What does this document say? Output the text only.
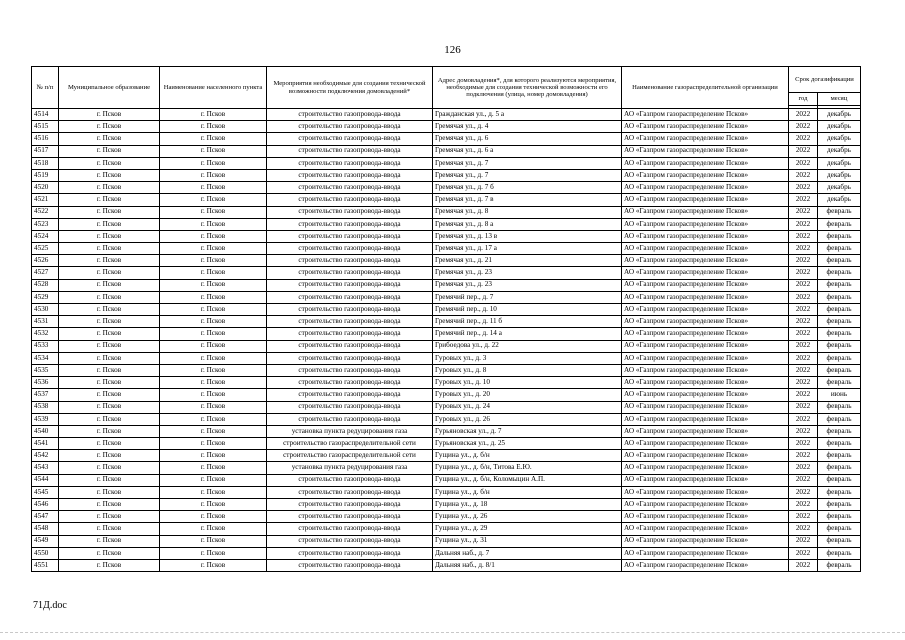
126
№ п/п	Муниципальное образование	Наименование населенного пункта	Мероприятия необходимые для создания технической возможности подключения домовладений*	Адрес домовладения*, для которого реализуются мероприятия, необходимые для создания технической возможности его подключения (улица, номер домовладения)	Наименование газораспределительной организации	Срок догазификации	
						год	месяц

4514	г. Псков	г. Псков	строительство газопровода-ввода	Гражданская ул., д. 5 а	АО «Газпром газораспределение Псков»	2022	декабрь
4515	г. Псков	г. Псков	строительство газопровода-ввода	Гремячая ул., д. 4	АО «Газпром газораспределение Псков»	2022	декабрь
4516	г. Псков	г. Псков	строительство газопровода-ввода	Гремячая ул., д. 6	АО «Газпром газораспределение Псков»	2022	декабрь
4517	г. Псков	г. Псков	строительство газопровода-ввода	Гремячая ул., д. 6 а	АО «Газпром газораспределение Псков»	2022	декабрь
4518	г. Псков	г. Псков	строительство газопровода-ввода	Гремячая ул., д. 7	АО «Газпром газораспределение Псков»	2022	декабрь
4519	г. Псков	г. Псков	строительство газопровода-ввода	Гремячая ул., д. 7	АО «Газпром газораспределение Псков»	2022	декабрь
4520	г. Псков	г. Псков	строительство газопровода-ввода	Гремячая ул., д. 7 б	АО «Газпром газораспределение Псков»	2022	декабрь
4521	г. Псков	г. Псков	строительство газопровода-ввода	Гремячая ул., д. 7 в	АО «Газпром газораспределение Псков»	2022	декабрь
4522	г. Псков	г. Псков	строительство газопровода-ввода	Гремячая ул., д. 8	АО «Газпром газораспределение Псков»	2022	февраль
4523	г. Псков	г. Псков	строительство газопровода-ввода	Гремячая ул., д. 8 а	АО «Газпром газораспределение Псков»	2022	февраль
4524	г. Псков	г. Псков	строительство газопровода-ввода	Гремячая ул., д. 13 в	АО «Газпром газораспределение Псков»	2022	февраль
4525	г. Псков	г. Псков	строительство газопровода-ввода	Гремячая ул., д. 17 а	АО «Газпром газораспределение Псков»	2022	февраль
4526	г. Псков	г. Псков	строительство газопровода-ввода	Гремячая ул., д. 21	АО «Газпром газораспределение Псков»	2022	февраль
4527	г. Псков	г. Псков	строительство газопровода-ввода	Гремячая ул., д. 23	АО «Газпром газораспределение Псков»	2022	февраль
4528	г. Псков	г. Псков	строительство газопровода-ввода	Гремячая ул., д. 23	АО «Газпром газораспределение Псков»	2022	февраль
4529	г. Псков	г. Псков	строительство газопровода-ввода	Гремячий пер., д. 7	АО «Газпром газораспределение Псков»	2022	февраль
4530	г. Псков	г. Псков	строительство газопровода-ввода	Гремячий пер., д. 10	АО «Газпром газораспределение Псков»	2022	февраль
4531	г. Псков	г. Псков	строительство газопровода-ввода	Гремячий пер., д. 11 б	АО «Газпром газораспределение Псков»	2022	февраль
4532	г. Псков	г. Псков	строительство газопровода-ввода	Гремячий пер., д. 14 а	АО «Газпром газораспределение Псков»	2022	февраль
4533	г. Псков	г. Псков	строительство газопровода-ввода	Грибоедова ул., д. 22	АО «Газпром газораспределение Псков»	2022	февраль
4534	г. Псков	г. Псков	строительство газопровода-ввода	Гуровых ул., д. 3	АО «Газпром газораспределение Псков»	2022	февраль
4535	г. Псков	г. Псков	строительство газопровода-ввода	Гуровых ул., д. 8	АО «Газпром газораспределение Псков»	2022	февраль
4536	г. Псков	г. Псков	строительство газопровода-ввода	Гуровых ул., д. 10	АО «Газпром газораспределение Псков»	2022	февраль
4537	г. Псков	г. Псков	строительство газопровода-ввода	Гуровых ул., д. 20	АО «Газпром газораспределение Псков»	2022	июнь
4538	г. Псков	г. Псков	строительство газопровода-ввода	Гуровых ул., д. 24	АО «Газпром газораспределение Псков»	2022	февраль
4539	г. Псков	г. Псков	строительство газопровода-ввода	Гуровых ул., д. 26	АО «Газпром газораспределение Псков»	2022	февраль
4540	г. Псков	г. Псков	установка пункта редуцирования газа	Гурьяновская ул., д. 7	АО «Газпром газораспределение Псков»	2022	февраль
4541	г. Псков	г. Псков	строительство газораспределительной сети	Гурьяновская ул., д. 25	АО «Газпром газораспределение Псков»	2022	февраль
4542	г. Псков	г. Псков	строительство газораспределительной сети	Гущина ул., д. б/н	АО «Газпром газораспределение Псков»	2022	февраль
4543	г. Псков	г. Псков	установка пункта редуцирования газа	Гущина ул., д. б/н, Титова Е.Ю.	АО «Газпром газораспределение Псков»	2022	февраль
4544	г. Псков	г. Псков	строительство газопровода-ввода	Гущина ул., д. б/н, Коломыцин А.П.	АО «Газпром газораспределение Псков»	2022	февраль
4545	г. Псков	г. Псков	строительство газопровода-ввода	Гущина ул., д. б/н	АО «Газпром газораспределение Псков»	2022	февраль
4546	г. Псков	г. Псков	строительство газопровода-ввода	Гущина ул., д. 18	АО «Газпром газораспределение Псков»	2022	февраль
4547	г. Псков	г. Псков	строительство газопровода-ввода	Гущина ул., д. 26	АО «Газпром газораспределение Псков»	2022	февраль
4548	г. Псков	г. Псков	строительство газопровода-ввода	Гущина ул., д. 29	АО «Газпром газораспределение Псков»	2022	февраль
4549	г. Псков	г. Псков	строительство газопровода-ввода	Гущина ул., д. 31	АО «Газпром газораспределение Псков»	2022	февраль
4550	г. Псков	г. Псков	строительство газопровода-ввода	Дальняя наб., д. 7	АО «Газпром газораспределение Псков»	2022	февраль
4551	г. Псков	г. Псков	строительство газопровода-ввода	Дальняя наб., д. 8/1	АО «Газпром газораспределение Псков»	2022	февраль
71Д.doc
